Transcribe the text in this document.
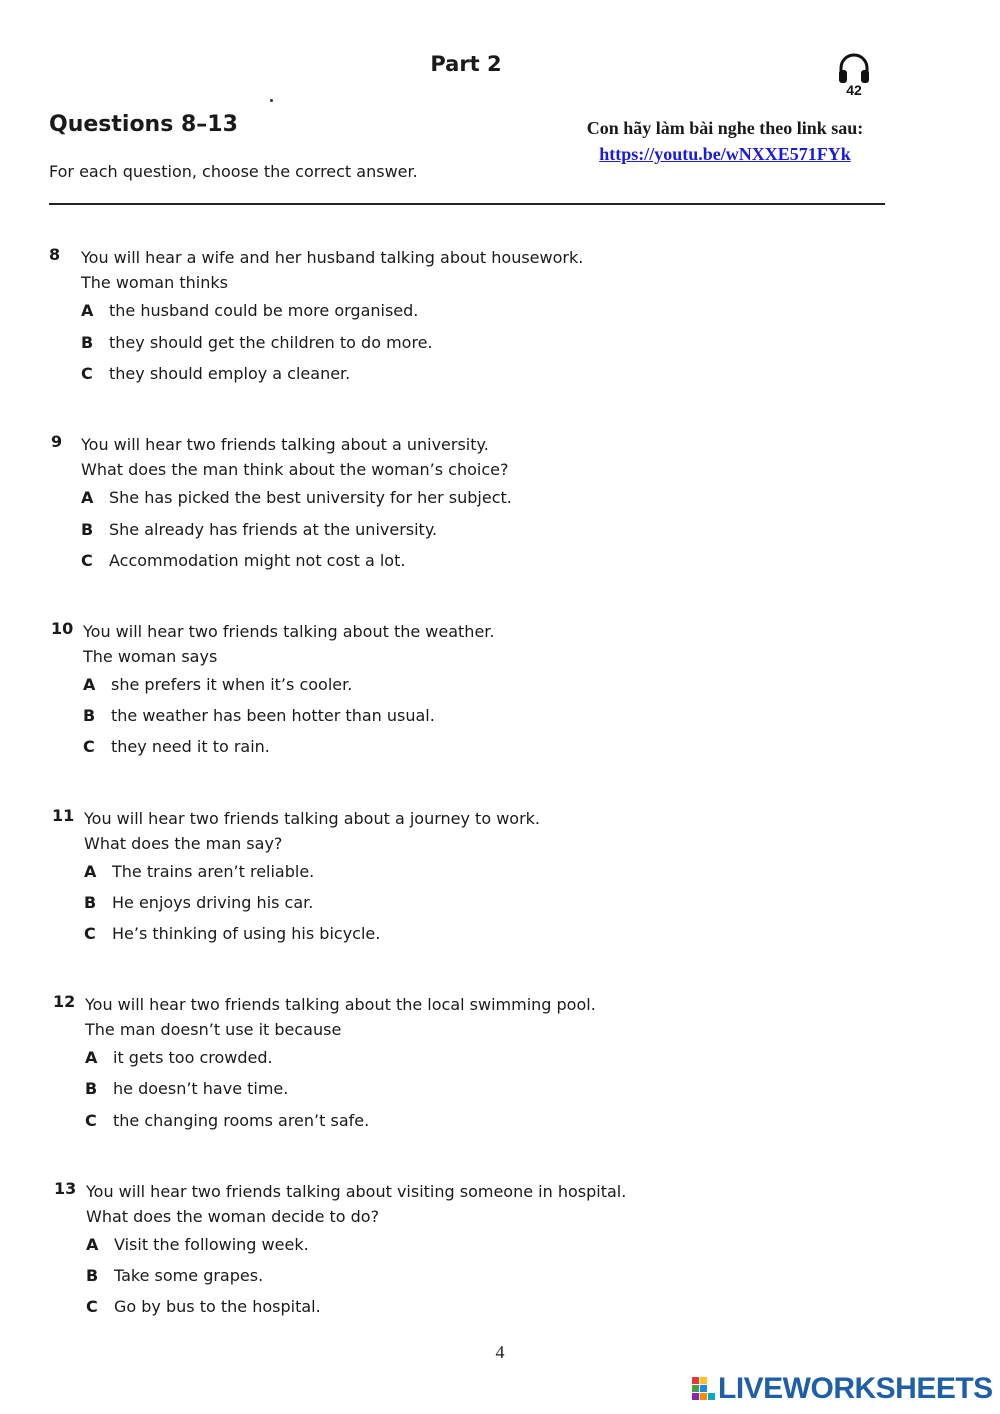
Part 2
42
Questions 8–13	Con hãy làm bài nghe theo link sau:
https://youtu.be/wNXXE571FYk
For each question, choose the correct answer.
8 You will hear a wife and her husband talking about housework.
The woman thinks
A the husband could be more organised.
B they should get the children to do more.
C they should employ a cleaner.
9 You will hear two friends talking about a university.
What does the man think about the woman’s choice?
A She has picked the best university for her subject.
B She already has friends at the university.
C Accommodation might not cost a lot.
10 You will hear two friends talking about the weather.
The woman says
A she prefers it when it’s cooler.
B the weather has been hotter than usual.
C they need it to rain.
11 You will hear two friends talking about a journey to work.
What does the man say?
A The trains aren’t reliable.
B He enjoys driving his car.
C He’s thinking of using his bicycle.
12 You will hear two friends talking about the local swimming pool.
The man doesn’t use it because
A it gets too crowded.
B he doesn’t have time.
C the changing rooms aren’t safe.
13 You will hear two friends talking about visiting someone in hospital.
What does the woman decide to do?
A Visit the following week.
B Take some grapes.
C Go by bus to the hospital.
4
LIVEWORKSHEETS
